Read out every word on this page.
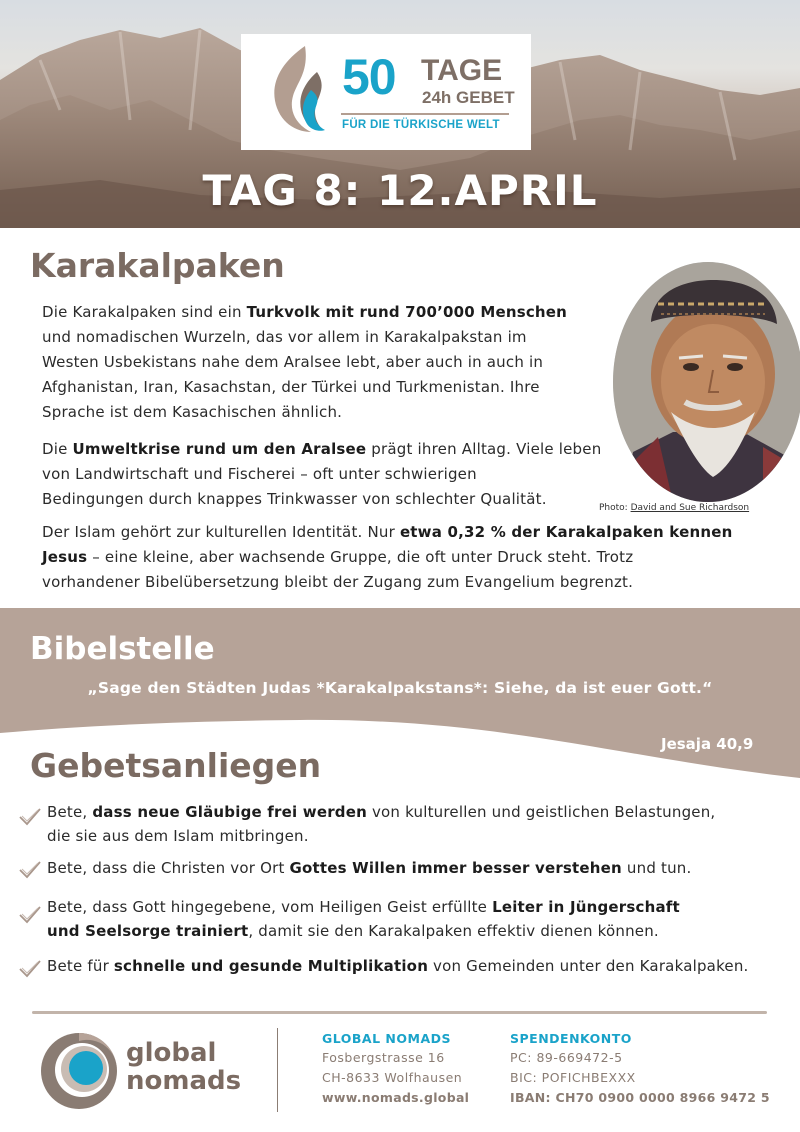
50 TAGE
24h GEBET
FÜR DIE TÜRKISCHE WELT
TAG 8: 12.APRIL
Karakalpaken
Die Karakalpaken sind ein Turkvolk mit rund 700’000 Menschen
und nomadischen Wurzeln, das vor allem in Karakalpakstan im
Westen Usbekistans nahe dem Aralsee lebt, aber auch in auch in
Afghanistan, Iran, Kasachstan, der Türkei und Turkmenistan. Ihre
Sprache ist dem Kasachischen ähnlich.
Die Umweltkrise rund um den Aralsee prägt ihren Alltag. Viele leben
von Landwirtschaft und Fischerei – oft unter schwierigen
Bedingungen durch knappes Trinkwasser von schlechter Qualität.	Photo: David and Sue Richardson
Der Islam gehört zur kulturellen Identität. Nur etwa 0,32 % der Karakalpaken kennen
Jesus – eine kleine, aber wachsende Gruppe, die oft unter Druck steht. Trotz
vorhandener Bibelübersetzung bleibt der Zugang zum Evangelium begrenzt.
Bibelstelle
„Sage den Städten Judas *Karakalpakstans*: Siehe, da ist euer Gott.“
Jesaja 40,9
Gebetsanliegen
Bete, dass neue Gläubige frei werden von kulturellen und geistlichen Belastungen,
die sie aus dem Islam mitbringen.
Bete, dass die Christen vor Ort Gottes Willen immer besser verstehen und tun.
Bete, dass Gott hingegebene, vom Heiligen Geist erfüllte Leiter in Jüngerschaft
und Seelsorge trainiert, damit sie den Karakalpaken effektiv dienen können.
Bete für schnelle und gesunde Multiplikation von Gemeinden unter den Karakalpaken.
global
nomads
GLOBAL NOMADS
Fosbergstrasse 16
CH-8633 Wolfhausen
www.nomads.global
SPENDENKONTO
PC: 89-669472-5
BIC: POFICHBEXXX
IBAN: CH70 0900 0000 8966 9472 5
